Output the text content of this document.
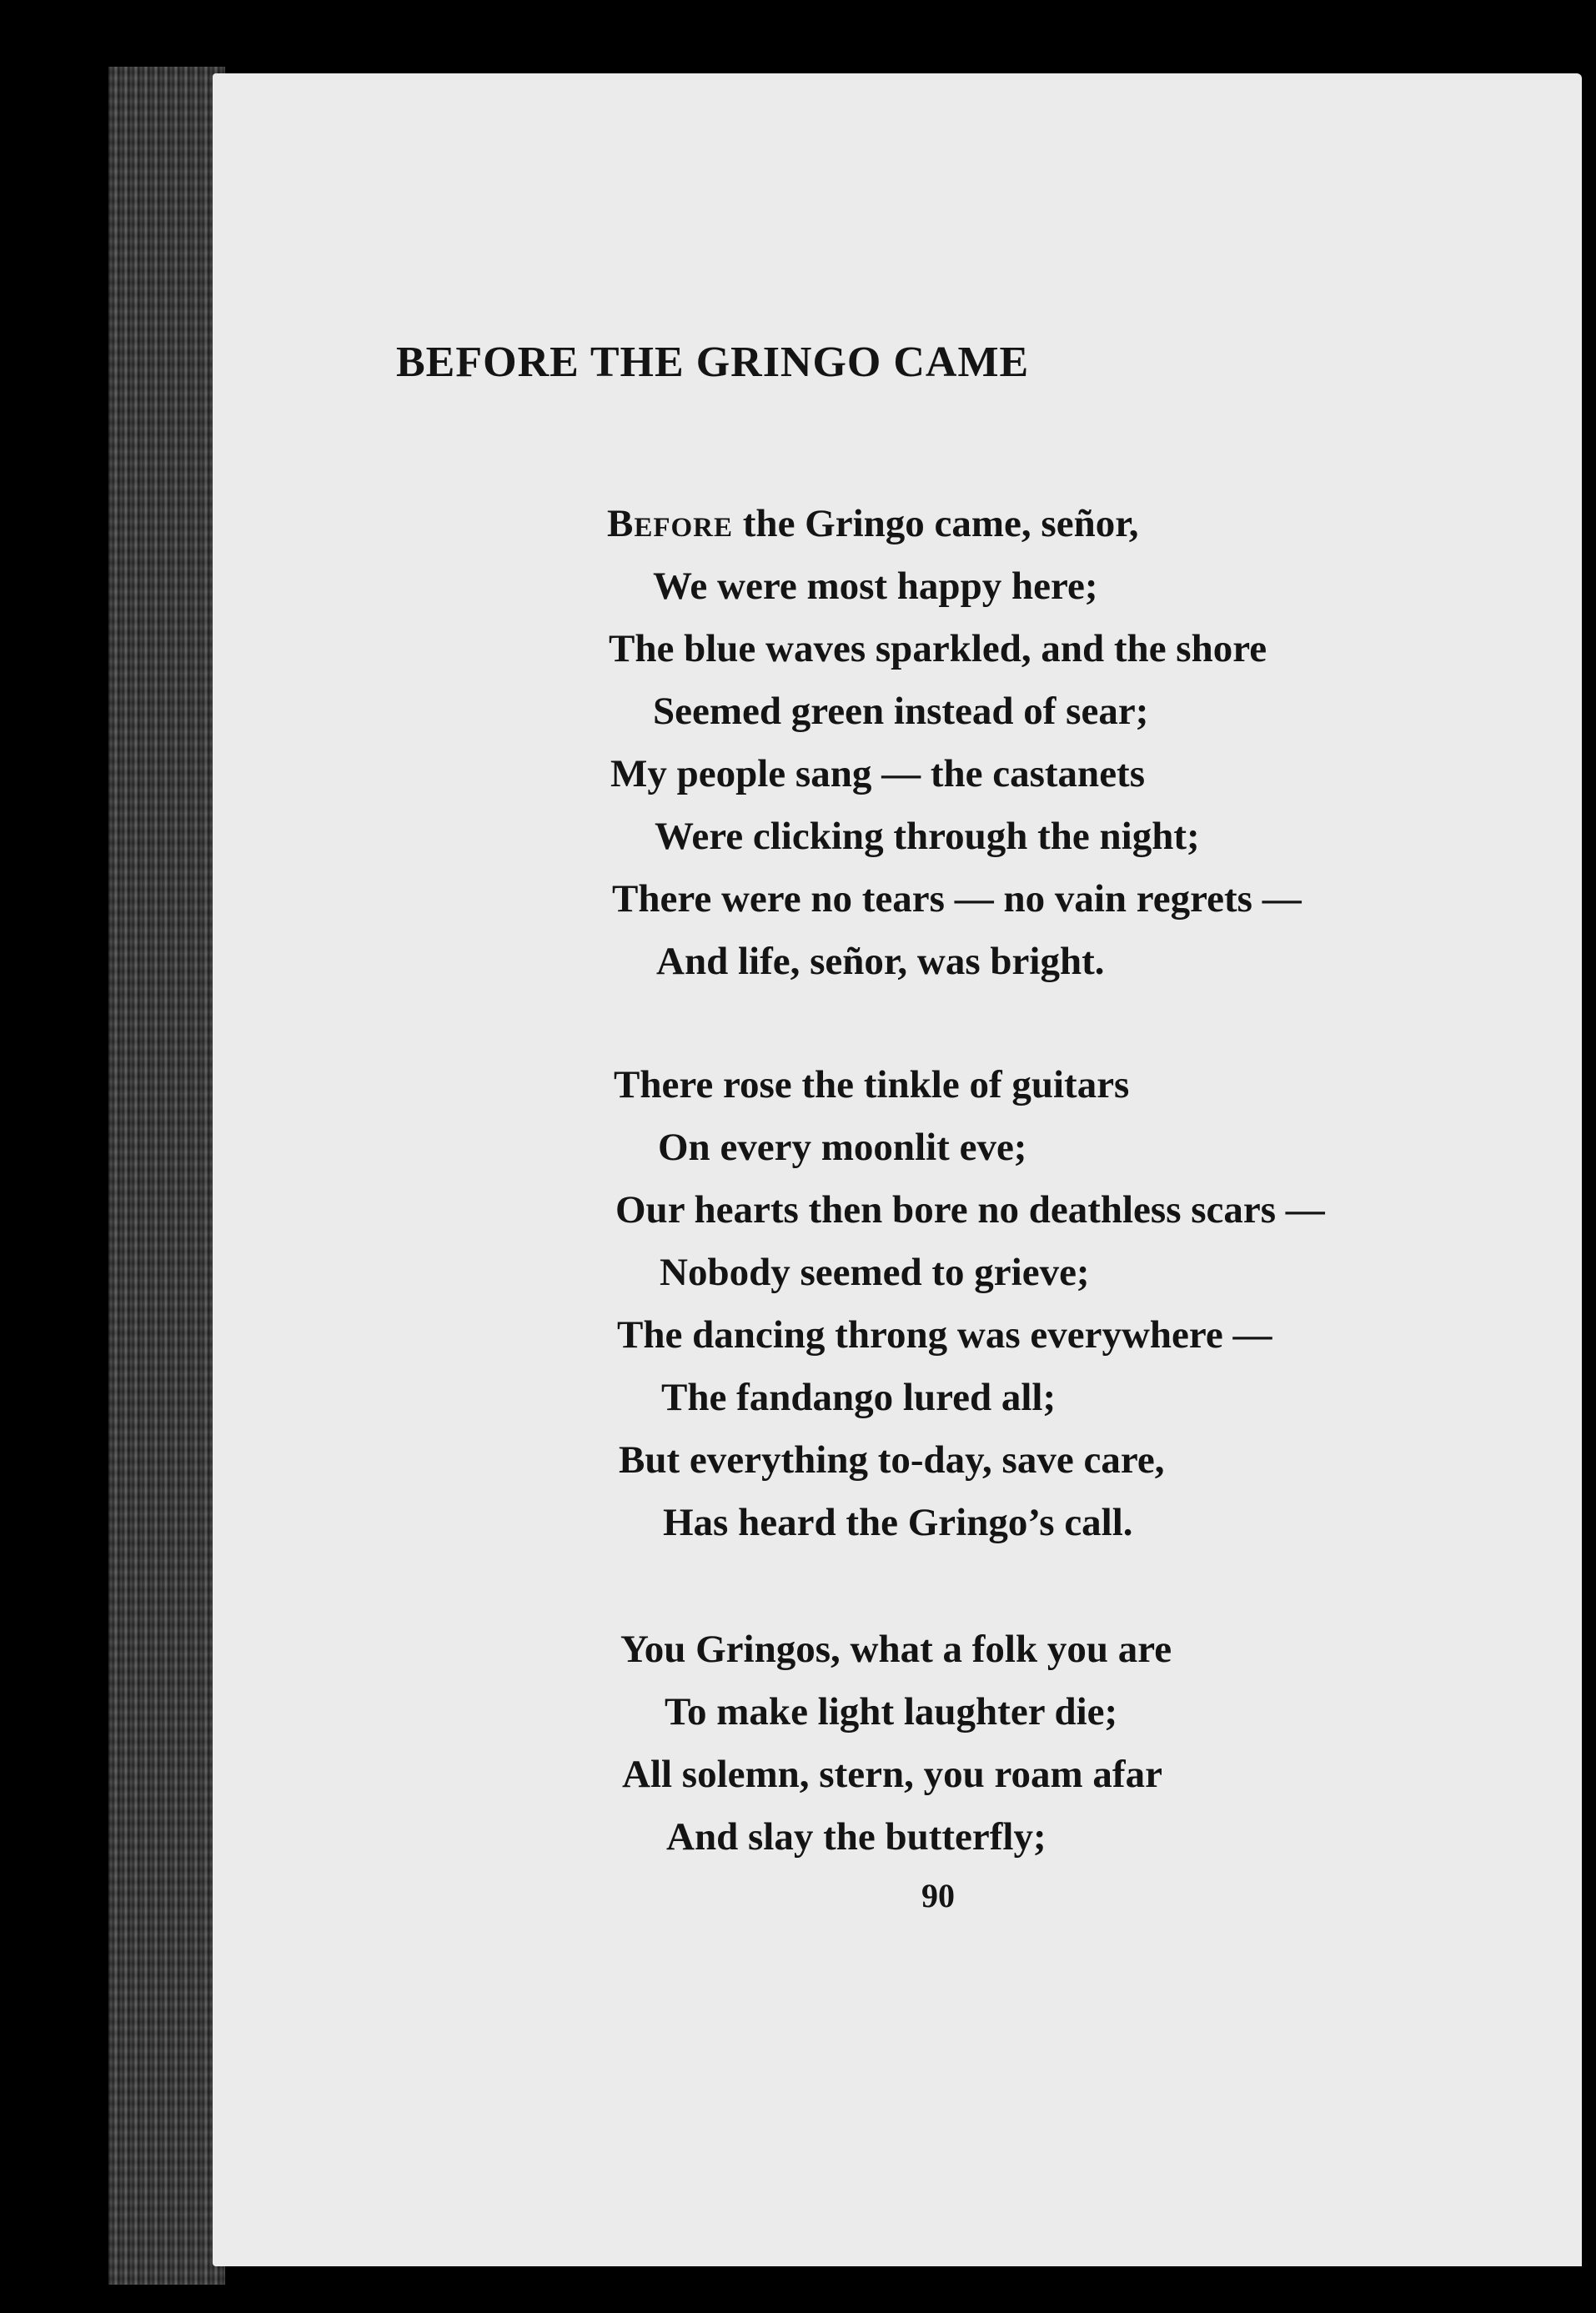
BEFORE THE GRINGO CAME
Before the Gringo came, señor,
We were most happy here;
The blue waves sparkled, and the shore
Seemed green instead of sear;
My people sang — the castanets
Were clicking through the night;
There were no tears — no vain regrets —
And life, señor, was bright.
There rose the tinkle of guitars
On every moonlit eve;
Our hearts then bore no deathless scars —
Nobody seemed to grieve;
The dancing throng was everywhere —
The fandango lured all;
But everything to-day, save care,
Has heard the Gringo’s call.
You Gringos, what a folk you are
To make light laughter die;
All solemn, stern, you roam afar
And slay the butterfly;
90
